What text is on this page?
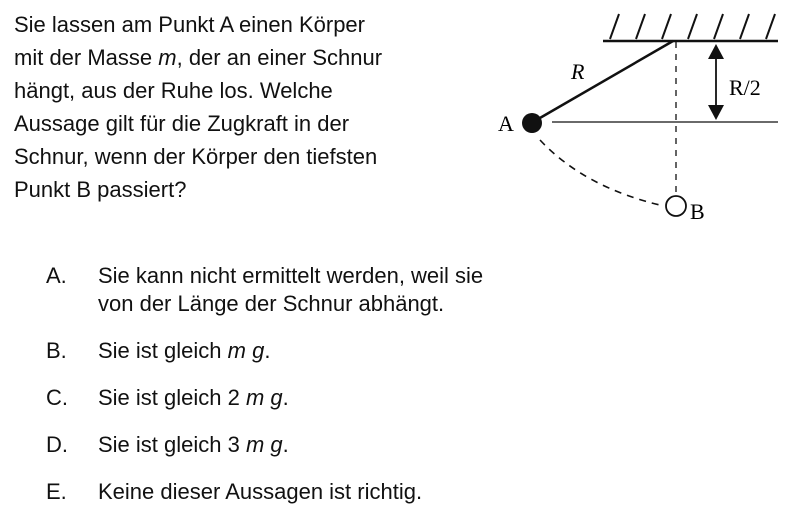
Sie lassen am Punkt A einen Körper
mit der Masse m, der an einer Schnur
hängt, aus der Ruhe los. Welche
Aussage gilt für die Zugkraft in der
Schnur, wenn der Körper den tiefsten
Punkt B passiert?
R
R/2
A
B
A. Sie kann nicht ermittelt werden, weil sie
von der Länge der Schnur abhängt.
B. Sie ist gleich m g.
C. Sie ist gleich 2 m g.
D. Sie ist gleich 3 m g.
E. Keine dieser Aussagen ist richtig.
